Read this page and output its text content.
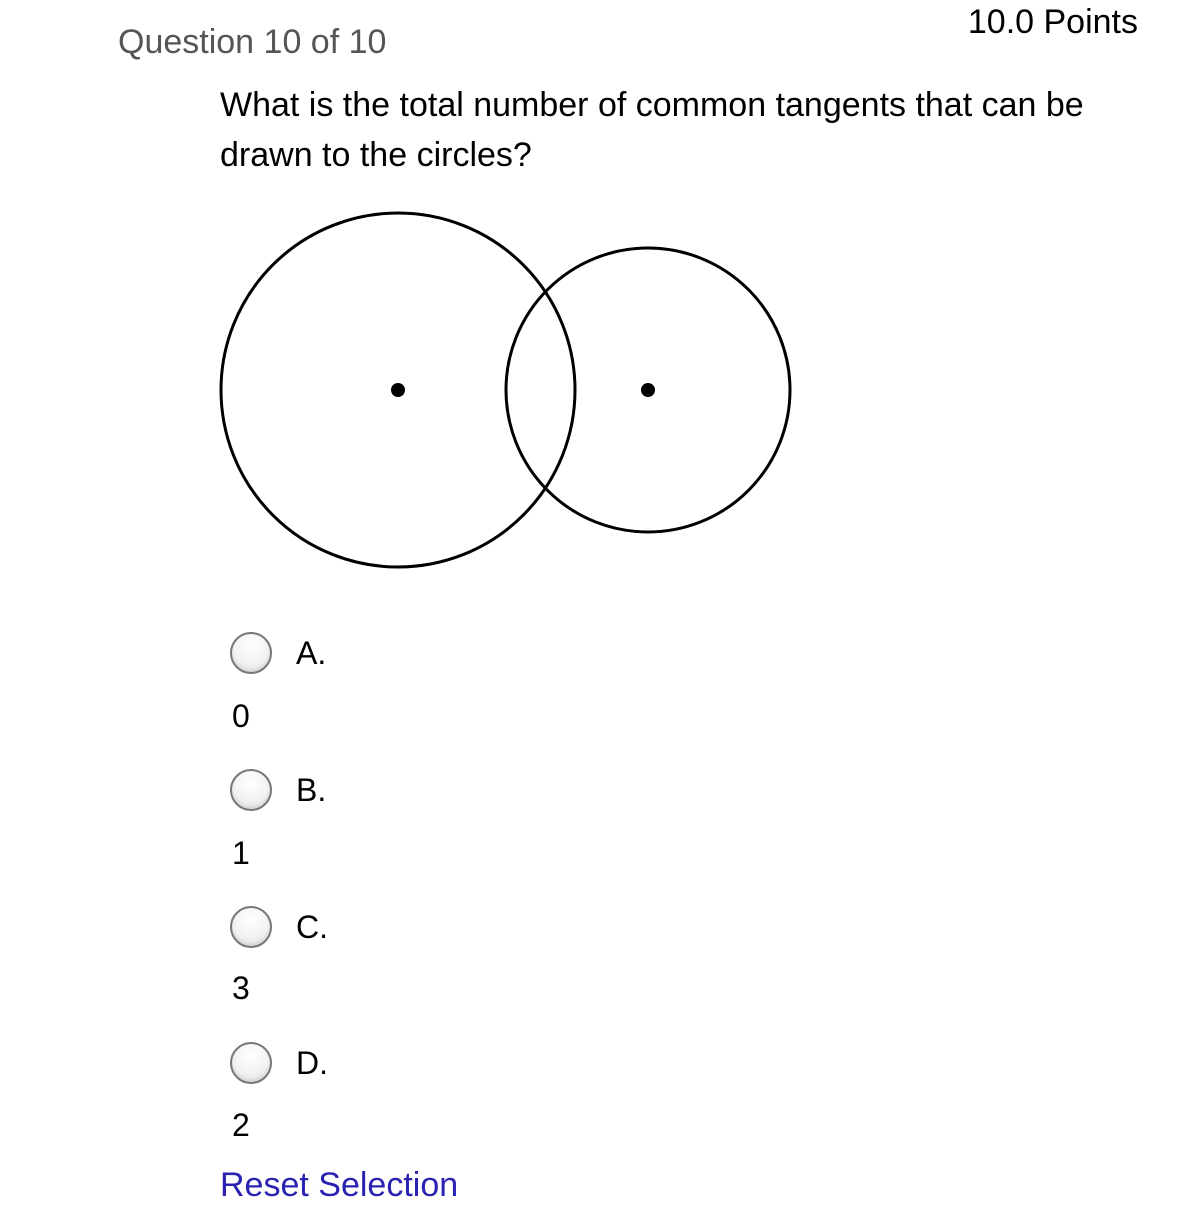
Question 10 of 10
10.0 Points
What is the total number of common tangents that can be drawn to the circles?
A.
0
B.
1
C.
3
D.
2
Reset Selection
